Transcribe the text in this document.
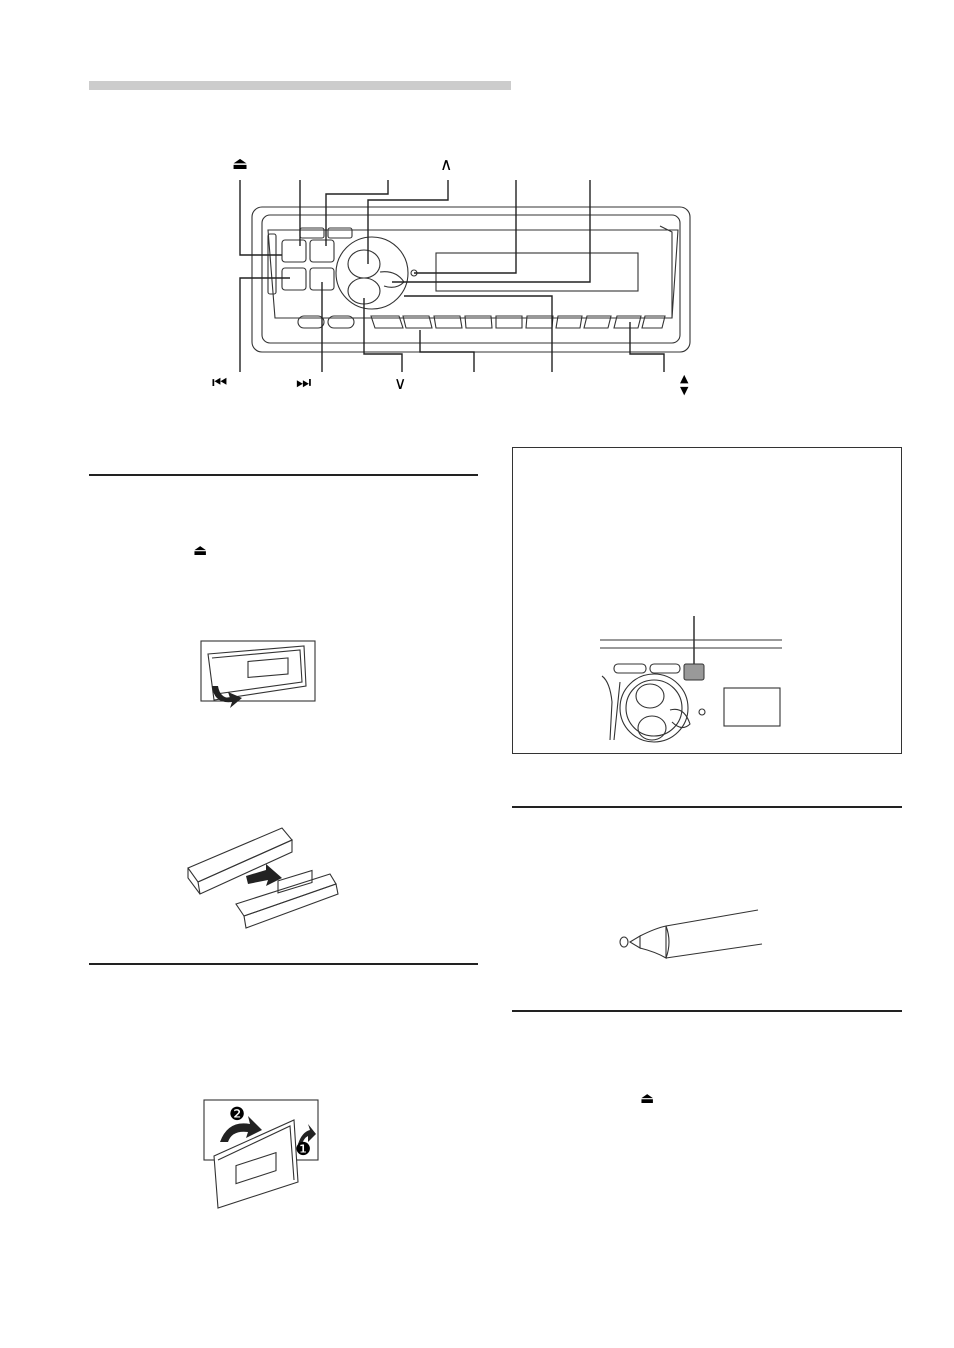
⏏	∧
⏮	⏭	∨	▲▼
⏏
❷
❶
⏏
